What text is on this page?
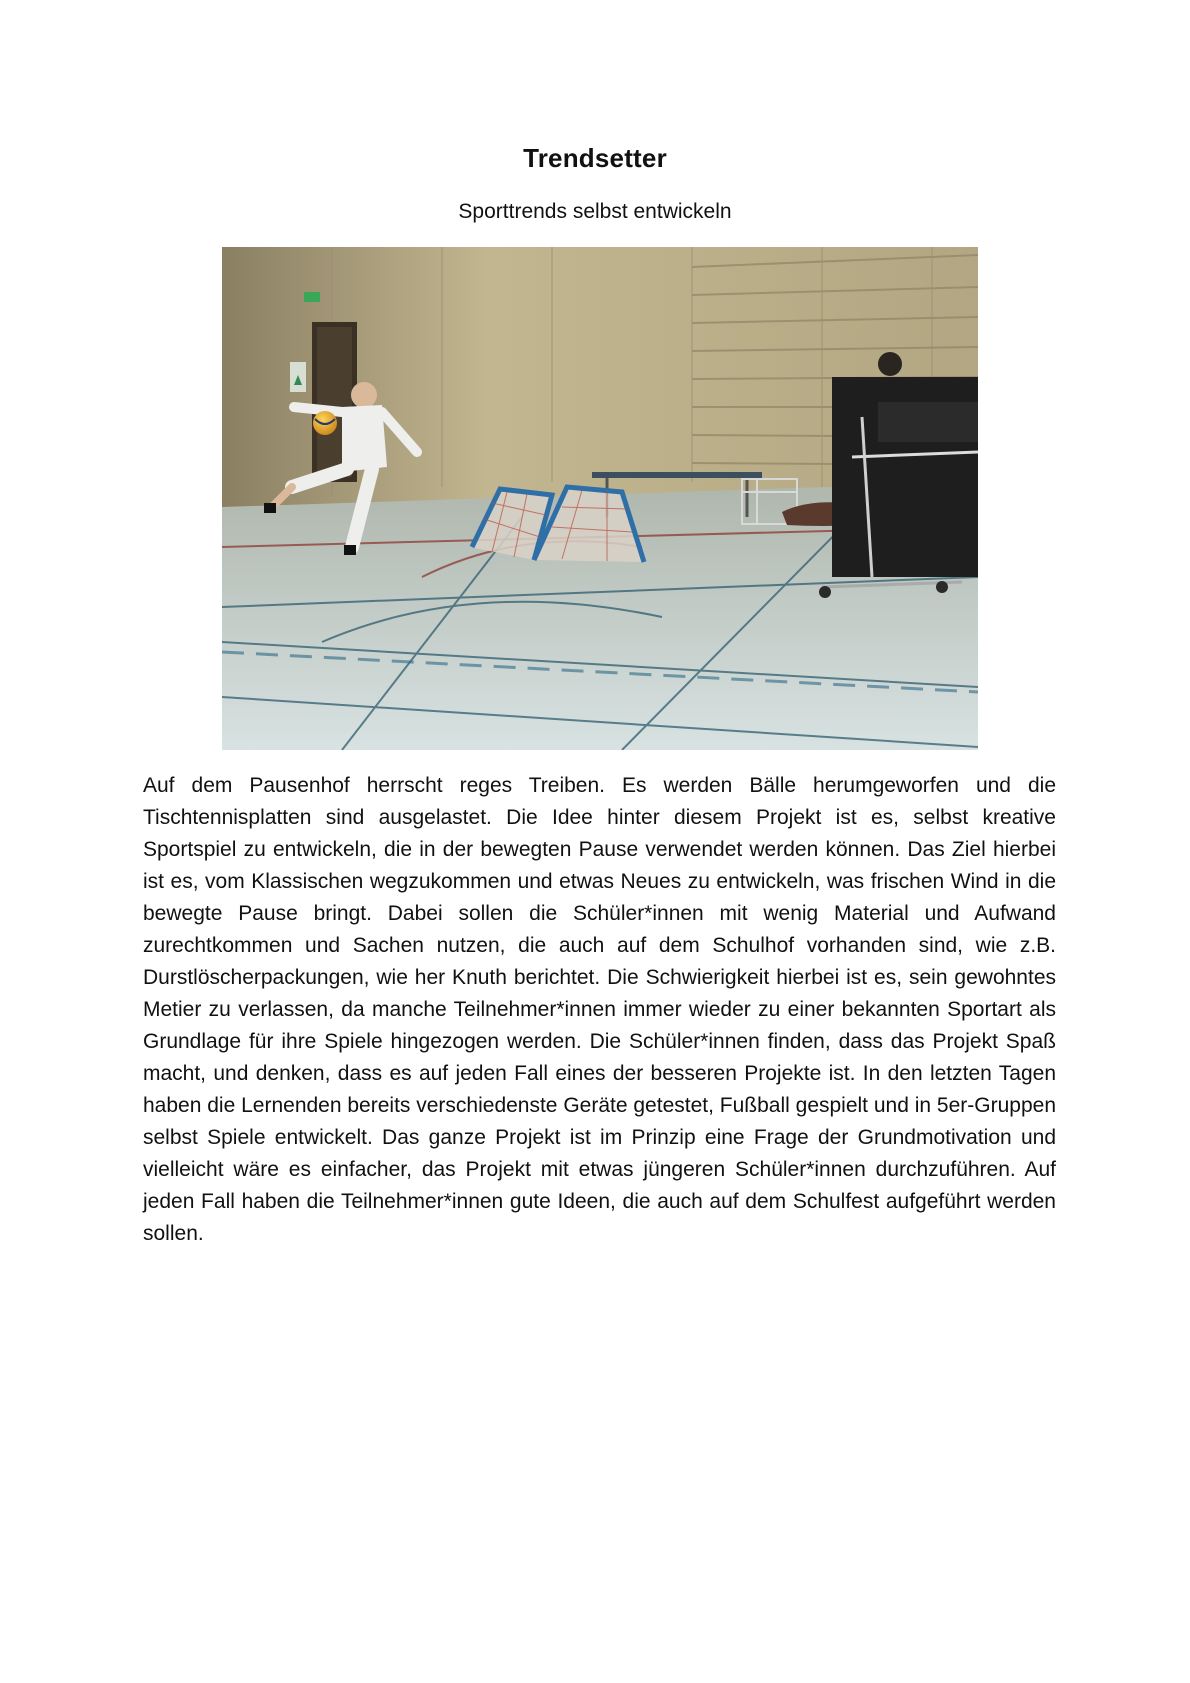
Trendsetter
Sporttrends selbst entwickeln
Auf dem Pausenhof herrscht reges Treiben. Es werden Bälle herumgeworfen und die Tischtennisplatten sind ausgelastet. Die Idee hinter diesem Projekt ist es, selbst kreative Sportspiel zu entwickeln, die in der bewegten Pause verwendet werden können. Das Ziel hierbei ist es, vom Klassischen wegzukommen und etwas Neues zu entwickeln, was frischen Wind in die bewegte Pause bringt. Dabei sollen die Schüler*innen mit wenig Material und Aufwand zurechtkommen und Sachen nutzen, die auch auf dem Schulhof vorhanden sind, wie z.B. Durstlöscherpackungen, wie her Knuth berichtet. Die Schwierigkeit hierbei ist es, sein gewohntes Metier zu verlassen, da manche Teilnehmer*innen immer wieder zu einer bekannten Sportart als Grundlage für ihre Spiele hingezogen werden. Die Schüler*innen finden, dass das Projekt Spaß macht, und denken, dass es auf jeden Fall eines der besseren Projekte ist. In den letzten Tagen haben die Lernenden bereits verschiedenste Geräte getestet, Fußball gespielt und in 5er-Gruppen selbst Spiele entwickelt. Das ganze Projekt ist im Prinzip eine Frage der Grundmotivation und vielleicht wäre es einfacher, das Projekt mit etwas jüngeren Schüler*innen durchzuführen. Auf jeden Fall haben die Teilnehmer*innen gute Ideen, die auch auf dem Schulfest aufgeführt werden sollen.
